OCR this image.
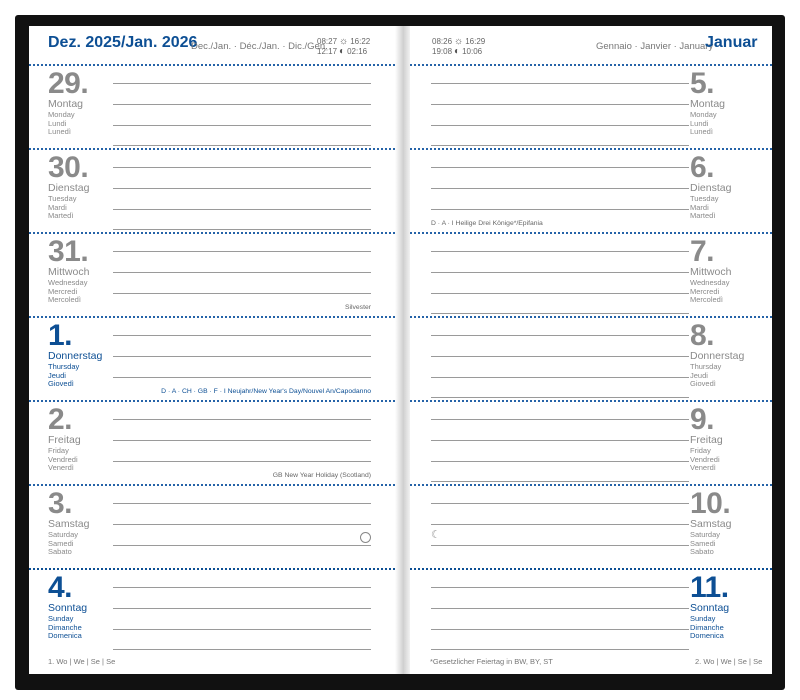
Dez. 2025/Jan. 2026
Dec./Jan. · Déc./Jan. · Dic./Gen.
08:27 ☼ 16:22
12:17 ◐ 02:16
29.
Montag
Monday
Lundi
Lunedì
30.
Dienstag
Tuesday
Mardi
Martedì
31.
Mittwoch
Wednesday
Mercredi
Mercoledì
Silvester
1.
Donnerstag
Thursday
Jeudi
Giovedì
D · A · CH · GB · F · I Neujahr/New Year's Day/Nouvel An/Capodanno
2.
Freitag
Friday
Vendredi
Venerdì
GB New Year Holiday (Scotland)
3.
Samstag
Saturday
Samedi
Sabato
4.
Sonntag
Sunday
Dimanche
Domenica
1. Wo | We | Se | Se
08:26 ☼ 16:29
19:08 ◐ 10:06	Gennaio · Janvier · January
Januar
5.
Montag
Monday
Lundi
Lunedì
6.
Dienstag
Tuesday
Mardi
Martedì
D · A · I Heilige Drei Könige*/Epifania
7.
Mittwoch
Wednesday
Mercredi
Mercoledì
8.
Donnerstag
Thursday
Jeudi
Giovedì
9.
Freitag
Friday
Vendredi
Venerdì
10.
Samstag
Saturday
Samedi
Sabato
11.
Sonntag
Sunday
Dimanche
Domenica
☾
*Gesetzlicher Feiertag in BW, BY, ST	2. Wo | We | Se | Se
